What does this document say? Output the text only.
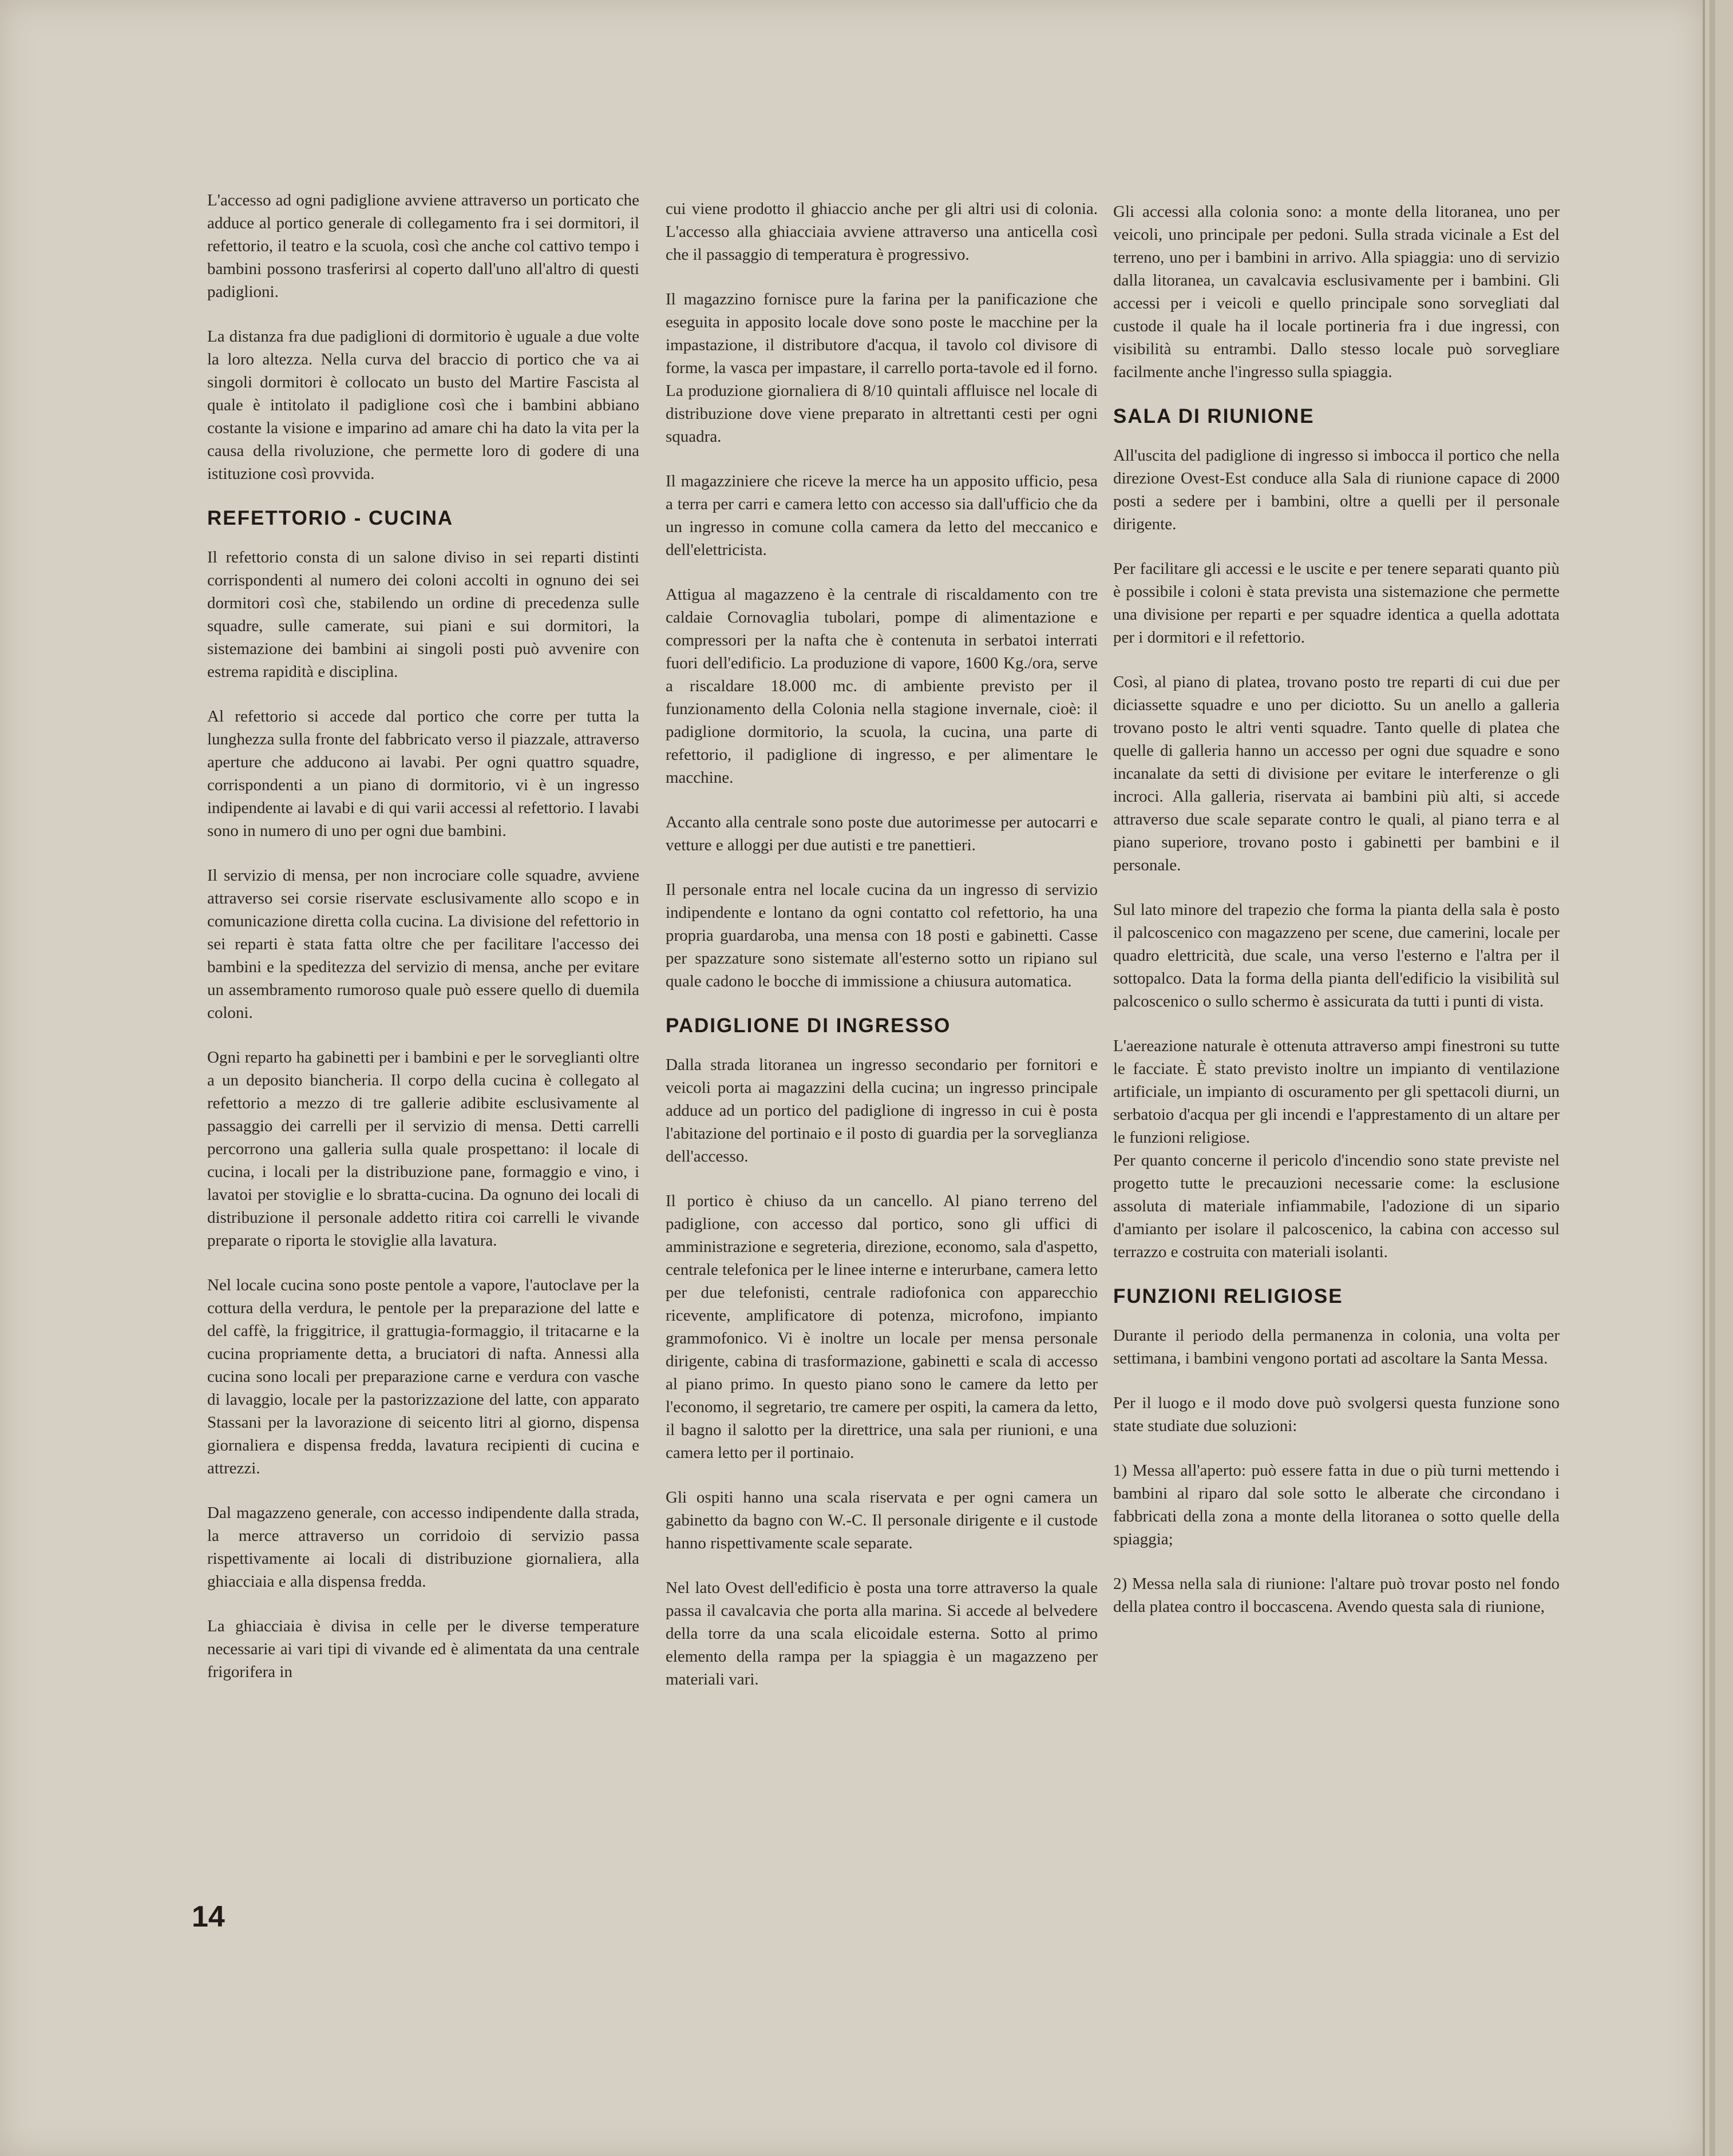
L'accesso ad ogni padiglione avviene attraverso un porticato che adduce al portico generale di collegamento fra i sei dormitori, il refettorio, il teatro e la scuola, così che anche col cattivo tempo i bambini possono trasferirsi al coperto dall'uno all'altro di questi padiglioni.

La distanza fra due padiglioni di dormitorio è uguale a due volte la loro altezza. Nella curva del braccio di portico che va ai singoli dormitori è collocato un busto del Martire Fascista al quale è intitolato il padiglione così che i bambini abbiano costante la visione e imparino ad amare chi ha dato la vita per la causa della rivoluzione, che permette loro di godere di una istituzione così provvida.

REFETTORIO - CUCINA

Il refettorio consta di un salone diviso in sei reparti distinti corrispondenti al numero dei coloni accolti in ognuno dei sei dormitori così che, stabilendo un ordine di precedenza sulle squadre, sulle camerate, sui piani e sui dormitori, la sistemazione dei bambini ai singoli posti può avvenire con estrema rapidità e disciplina.

Al refettorio si accede dal portico che corre per tutta la lunghezza sulla fronte del fabbricato verso il piazzale, attraverso aperture che adducono ai lavabi. Per ogni quattro squadre, corrispondenti a un piano di dormitorio, vi è un ingresso indipendente ai lavabi e di qui varii accessi al refettorio. I lavabi sono in numero di uno per ogni due bambini.

Il servizio di mensa, per non incrociare colle squadre, avviene attraverso sei corsie riservate esclusivamente allo scopo e in comunicazione diretta colla cucina. La divisione del refettorio in sei reparti è stata fatta oltre che per facilitare l'accesso dei bambini e la speditezza del servizio di mensa, anche per evitare un assembramento rumoroso quale può essere quello di duemila coloni.

Ogni reparto ha gabinetti per i bambini e per le sorveglianti oltre a un deposito biancheria. Il corpo della cucina è collegato al refettorio a mezzo di tre gallerie adibite esclusivamente al passaggio dei carrelli per il servizio di mensa. Detti carrelli percorrono una galleria sulla quale prospettano: il locale di cucina, i locali per la distribuzione pane, formaggio e vino, i lavatoi per stoviglie e lo sbratta-cucina. Da ognuno dei locali di distribuzione il personale addetto ritira coi carrelli le vivande preparate o riporta le stoviglie alla lavatura.

Nel locale cucina sono poste pentole a vapore, l'autoclave per la cottura della verdura, le pentole per la preparazione del latte e del caffè, la friggitrice, il grattugia-formaggio, il tritacarne e la cucina propriamente detta, a bruciatori di nafta. Annessi alla cucina sono locali per preparazione carne e verdura con vasche di lavaggio, locale per la pastorizzazione del latte, con apparato Stassani per la lavorazione di seicento litri al giorno, dispensa giornaliera e dispensa fredda, lavatura recipienti di cucina e attrezzi.

Dal magazzeno generale, con accesso indipendente dalla strada, la merce attraverso un corridoio di servizio passa rispettivamente ai locali di distribuzione giornaliera, alla ghiacciaia e alla dispensa fredda.

La ghiacciaia è divisa in celle per le diverse temperature necessarie ai vari tipi di vivande ed è alimentata da una centrale frigorifera in

cui viene prodotto il ghiaccio anche per gli altri usi di colonia. L'accesso alla ghiacciaia avviene attraverso una anticella così che il passaggio di temperatura è progressivo.

Il magazzino fornisce pure la farina per la panificazione che eseguita in apposito locale dove sono poste le macchine per la impastazione, il distributore d'acqua, il tavolo col divisore di forme, la vasca per impastare, il carrello porta-tavole ed il forno. La produzione giornaliera di 8/10 quintali affluisce nel locale di distribuzione dove viene preparato in altrettanti cesti per ogni squadra.

Il magazziniere che riceve la merce ha un apposito ufficio, pesa a terra per carri e camera letto con accesso sia dall'ufficio che da un ingresso in comune colla camera da letto del meccanico e dell'elettricista.

Attigua al magazzeno è la centrale di riscaldamento con tre caldaie Cornovaglia tubolari, pompe di alimentazione e compressori per la nafta che è contenuta in serbatoi interrati fuori dell'edificio. La produzione di vapore, 1600 Kg./ora, serve a riscaldare 18.000 mc. di ambiente previsto per il funzionamento della Colonia nella stagione invernale, cioè: il padiglione dormitorio, la scuola, la cucina, una parte di refettorio, il padiglione di ingresso, e per alimentare le macchine.

Accanto alla centrale sono poste due autorimesse per autocarri e vetture e alloggi per due autisti e tre panettieri.

Il personale entra nel locale cucina da un ingresso di servizio indipendente e lontano da ogni contatto col refettorio, ha una propria guardaroba, una mensa con 18 posti e gabinetti. Casse per spazzature sono sistemate all'esterno sotto un ripiano sul quale cadono le bocche di immissione a chiusura automatica.

PADIGLIONE DI INGRESSO

Dalla strada litoranea un ingresso secondario per fornitori e veicoli porta ai magazzini della cucina; un ingresso principale adduce ad un portico del padiglione di ingresso in cui è posta l'abitazione del portinaio e il posto di guardia per la sorveglianza dell'accesso.

Il portico è chiuso da un cancello. Al piano terreno del padiglione, con accesso dal portico, sono gli uffici di amministrazione e segreteria, direzione, economo, sala d'aspetto, centrale telefonica per le linee interne e interurbane, camera letto per due telefonisti, centrale radiofonica con apparecchio ricevente, amplificatore di potenza, microfono, impianto grammofonico. Vi è inoltre un locale per mensa personale dirigente, cabina di trasformazione, gabinetti e scala di accesso al piano primo. In questo piano sono le camere da letto per l'economo, il segretario, tre camere per ospiti, la camera da letto, il bagno il salotto per la direttrice, una sala per riunioni, e una camera letto per il portinaio.

Gli ospiti hanno una scala riservata e per ogni camera un gabinetto da bagno con W.-C. Il personale dirigente e il custode hanno rispettivamente scale separate.

Nel lato Ovest dell'edificio è posta una torre attraverso la quale passa il cavalcavia che porta alla marina. Si accede al belvedere della torre da una scala elicoidale esterna. Sotto al primo elemento della rampa per la spiaggia è un magazzeno per materiali vari.

Gli accessi alla colonia sono: a monte della litoranea, uno per veicoli, uno principale per pedoni. Sulla strada vicinale a Est del terreno, uno per i bambini in arrivo. Alla spiaggia: uno di servizio dalla litoranea, un cavalcavia esclusivamente per i bambini. Gli accessi per i veicoli e quello principale sono sorvegliati dal custode il quale ha il locale portineria fra i due ingressi, con visibilità su entrambi. Dallo stesso locale può sorvegliare facilmente anche l'ingresso sulla spiaggia.

SALA DI RIUNIONE

All'uscita del padiglione di ingresso si imbocca il portico che nella direzione Ovest-Est conduce alla Sala di riunione capace di 2000 posti a sedere per i bambini, oltre a quelli per il personale dirigente.

Per facilitare gli accessi e le uscite e per tenere separati quanto più è possibile i coloni è stata prevista una sistemazione che permette una divisione per reparti e per squadre identica a quella adottata per i dormitori e il refettorio.

Così, al piano di platea, trovano posto tre reparti di cui due per diciassette squadre e uno per diciotto. Su un anello a galleria trovano posto le altri venti squadre. Tanto quelle di platea che quelle di galleria hanno un accesso per ogni due squadre e sono incanalate da setti di divisione per evitare le interferenze o gli incroci. Alla galleria, riservata ai bambini più alti, si accede attraverso due scale separate contro le quali, al piano terra e al piano superiore, trovano posto i gabinetti per bambini e il personale.

Sul lato minore del trapezio che forma la pianta della sala è posto il palcoscenico con magazzeno per scene, due camerini, locale per quadro elettricità, due scale, una verso l'esterno e l'altra per il sottopalco. Data la forma della pianta dell'edificio la visibilità sul palcoscenico o sullo schermo è assicurata da tutti i punti di vista.

L'aereazione naturale è ottenuta attraverso ampi finestroni su tutte le facciate. È stato previsto inoltre un impianto di ventilazione artificiale, un impianto di oscuramento per gli spettacoli diurni, un serbatoio d'acqua per gli incendi e l'apprestamento di un altare per le funzioni religiose.
Per quanto concerne il pericolo d'incendio sono state previste nel progetto tutte le precauzioni necessarie come: la esclusione assoluta di materiale infiammabile, l'adozione di un sipario d'amianto per isolare il palcoscenico, la cabina con accesso sul terrazzo e costruita con materiali isolanti.

FUNZIONI RELIGIOSE

Durante il periodo della permanenza in colonia, una volta per settimana, i bambini vengono portati ad ascoltare la Santa Messa.

Per il luogo e il modo dove può svolgersi questa funzione sono state studiate due soluzioni:

1) Messa all'aperto: può essere fatta in due o più turni mettendo i bambini al riparo dal sole sotto le alberate che circondano i fabbricati della zona a monte della litoranea o sotto quelle della spiaggia;

2) Messa nella sala di riunione: l'altare può trovar posto nel fondo della platea contro il boccascena. Avendo questa sala di riunione,

14
